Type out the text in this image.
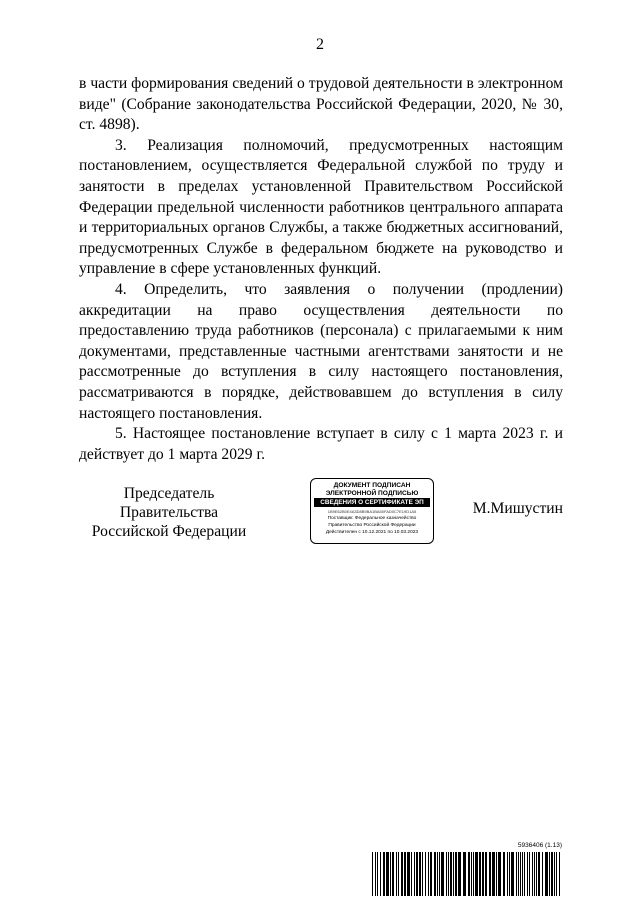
2

в части формирования сведений о трудовой деятельности в электронном виде" (Собрание законодательства Российской Федерации, 2020, № 30, ст. 4898).

3. Реализация полномочий, предусмотренных настоящим постановлением, осуществляется Федеральной службой по труду и занятости в пределах установленной Правительством Российской Федерации предельной численности работников центрального аппарата и территориальных органов Службы, а также бюджетных ассигнований, предусмотренных Службе в федеральном бюджете на руководство и управление в сфере установленных функций.

4. Определить, что заявления о получении (продлении) аккредитации на право осуществления деятельности по предоставлению труда работников (персонала) с прилагаемыми к ним документами, представленные частными агентствами занятости и не рассмотренные до вступления в силу настоящего постановления, рассматриваются в порядке, действовавшем до вступления в силу настоящего постановления.

5. Настоящее постановление вступает в силу с 1 марта 2023 г. и действует до 1 марта 2029 г.

Председатель Правительства
Российской Федерации
ДОКУМЕНТ ПОДПИСАН
ЭЛЕКТРОННОЙ ПОДПИСЬЮ
СВЕДЕНИЯ О СЕРТИФИКАТЕ ЭП
1B9E62B0E4A3D8B9BA1BA50FAD0C7E19D1A5
Поставщик: Федеральное казначейство
Правительство Российской Федерации
Действителен с 10.12.2021 по 10.03.2023
М.Мишустин
5936406 (1.13)
